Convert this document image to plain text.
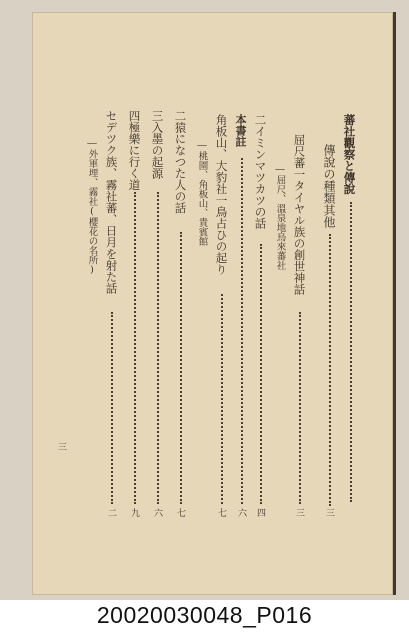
蕃社觀察と傳說
傳說の種類其他
三
屈尺蕃一タイヤル族の創世神話
三
―屈尺、溫泉地烏來蕃社
二イミンマツカツの話
四
本書註
六
角板山、大豹社一鳥占ひの起り
七
―桃園、角板山、貴賓館
二猿になつた人の話
七
三入墨の起源
六
四極樂に行く道
九
セデツク族、霧社蕃、日月を射た話
二
―外軍埋、霧社(櫻花の名所)
三
20020030048_P016
